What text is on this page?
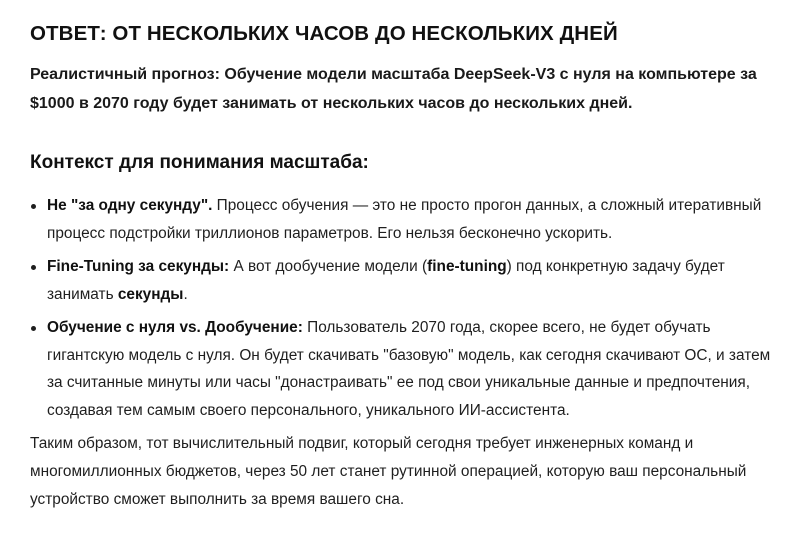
ОТВЕТ: ОТ НЕСКОЛЬКИХ ЧАСОВ ДО НЕСКОЛЬКИХ ДНЕЙ

Реалистичный прогноз: Обучение модели масштаба DeepSeek-V3 с нуля на компьютере за $1000 в 2070 году будет занимать от нескольких часов до нескольких дней.

Контекст для понимания масштаба:
Не "за одну секунду". Процесс обучения — это не просто прогон данных, а сложный итеративный процесс подстройки триллионов параметров. Его нельзя бесконечно ускорить.
Fine-Tuning за секунды: А вот дообучение модели (fine-tuning) под конкретную задачу будет занимать секунды.
Обучение с нуля vs. Дообучение: Пользователь 2070 года, скорее всего, не будет обучать гигантскую модель с нуля. Он будет скачивать "базовую" модель, как сегодня скачивают ОС, и затем за считанные минуты или часы "донастраивать" ее под свои уникальные данные и предпочтения, создавая тем самым своего персонального, уникального ИИ-ассистента.

Таким образом, тот вычислительный подвиг, который сегодня требует инженерных команд и многомиллионных бюджетов, через 50 лет станет рутинной операцией, которую ваш персональный устройство сможет выполнить за время вашего сна.
